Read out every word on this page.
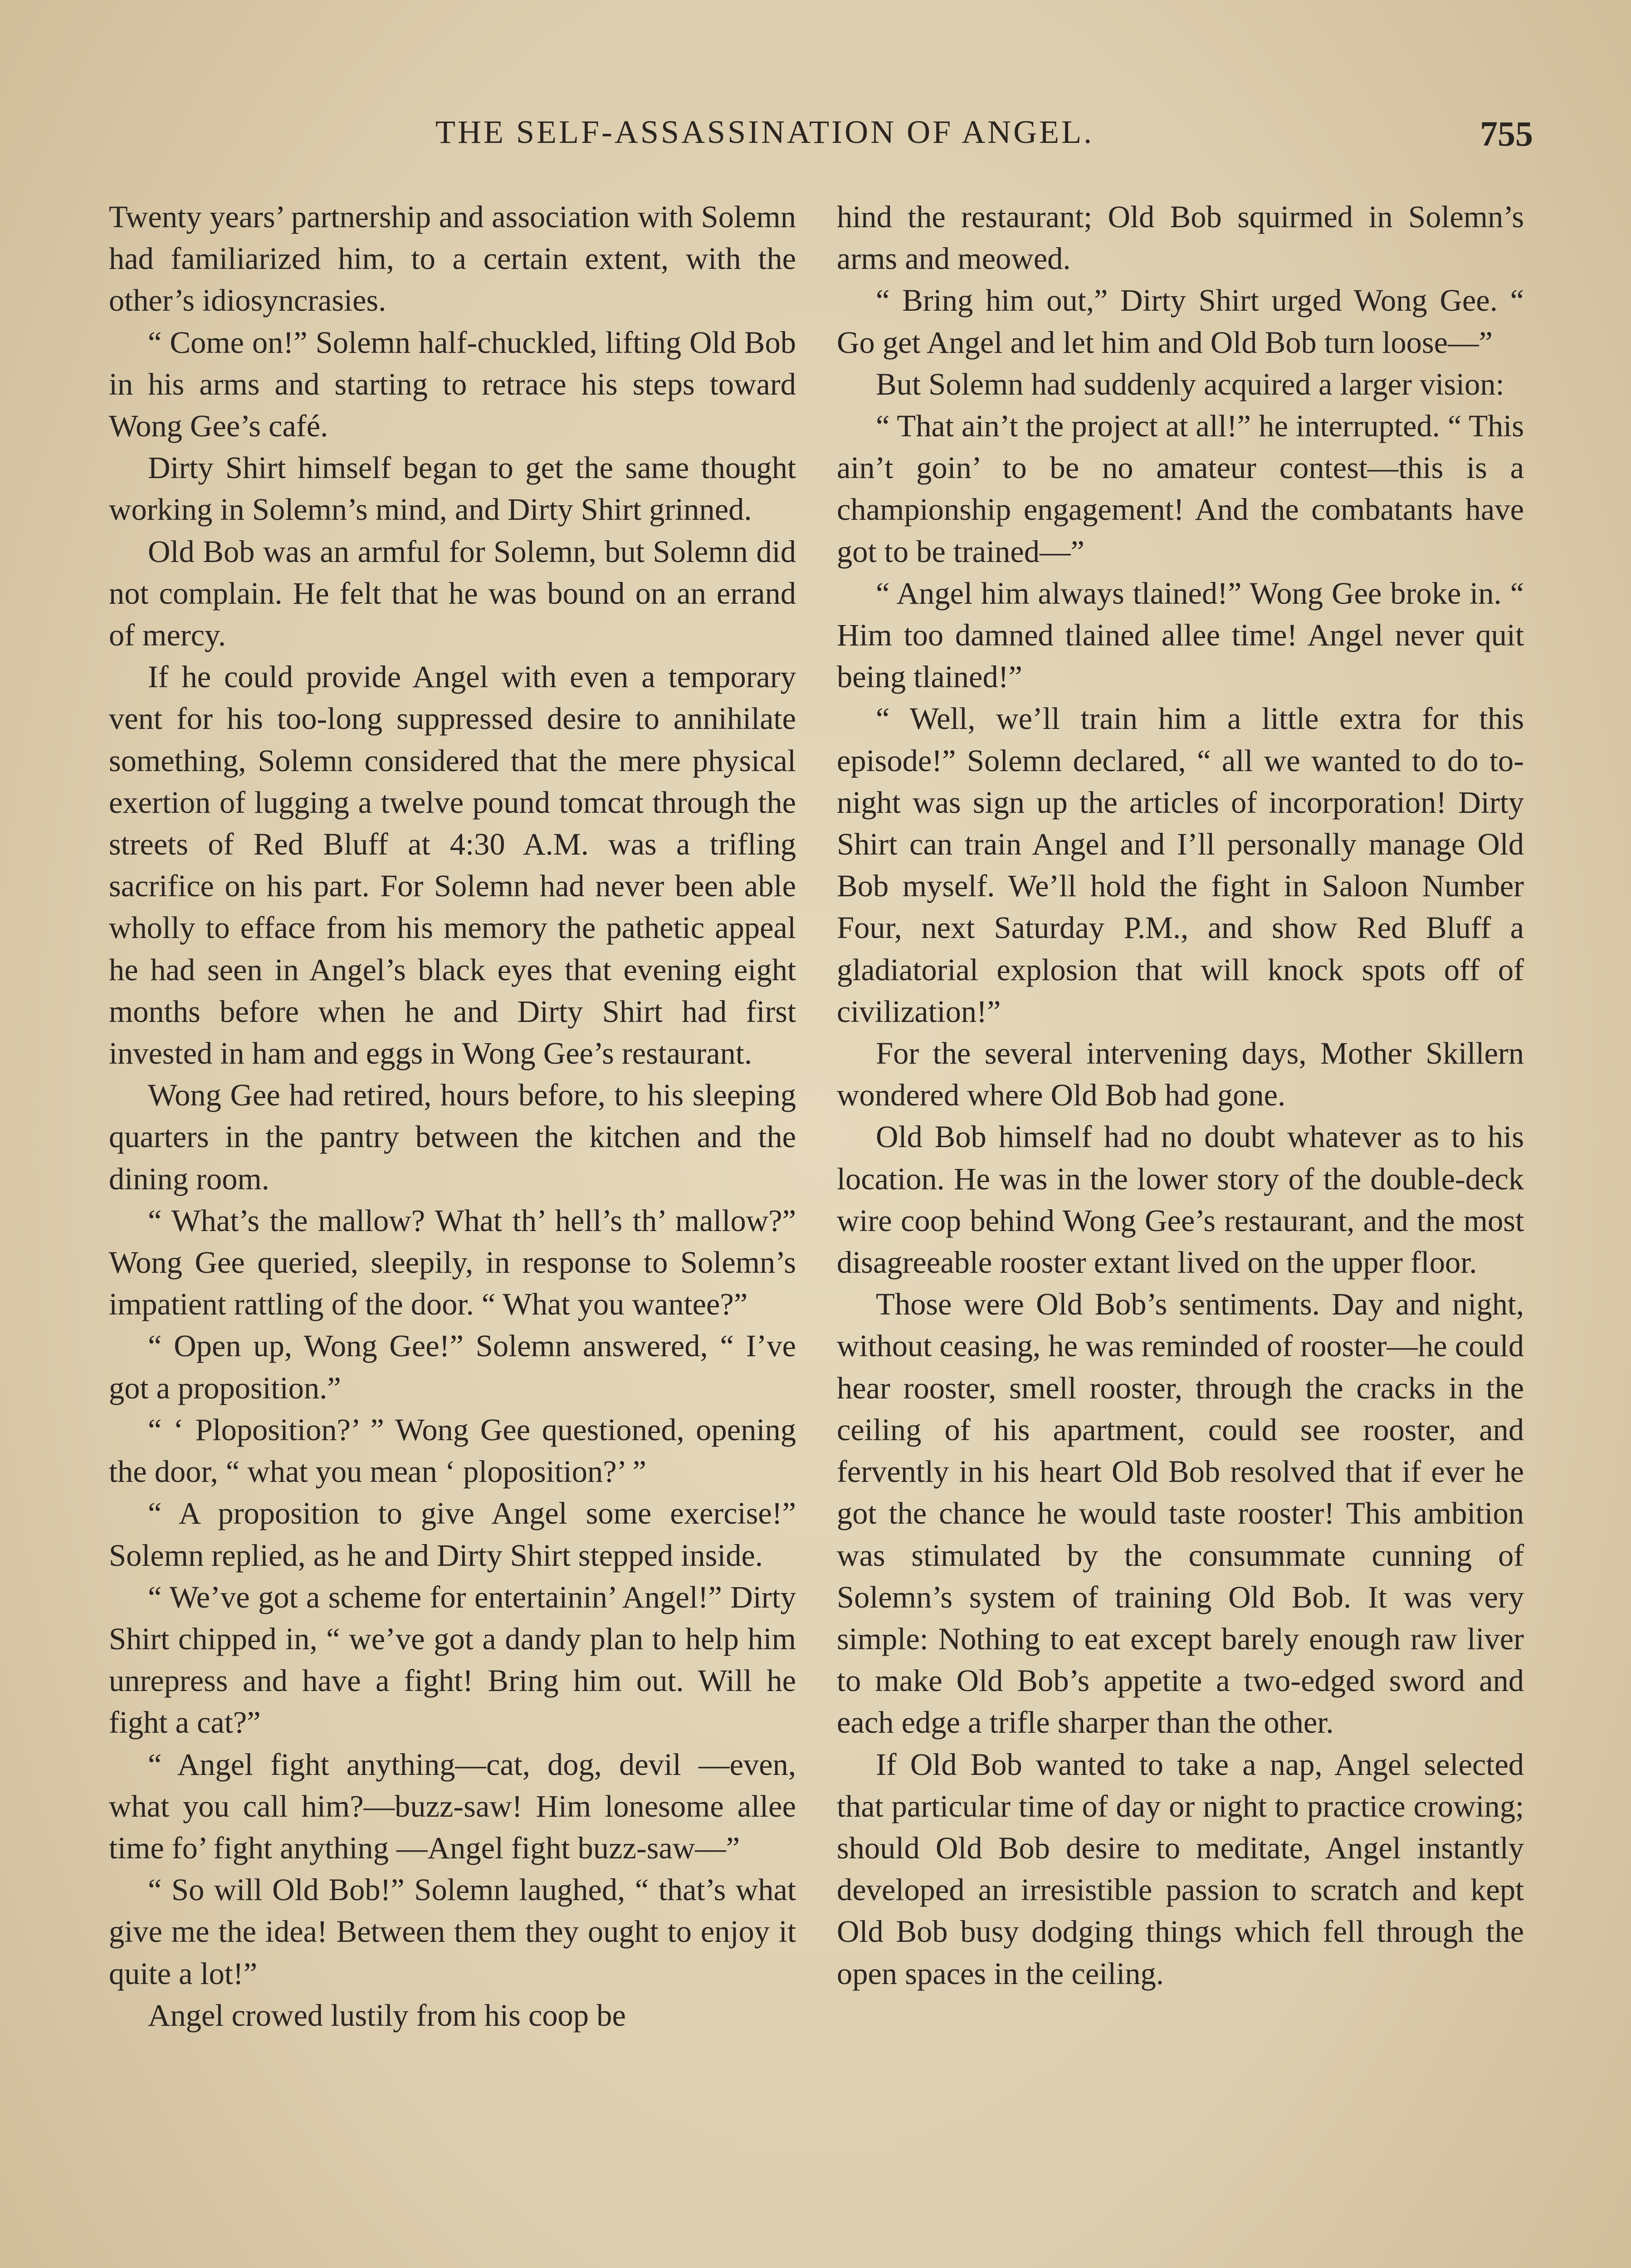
THE SELF-ASSASSINATION OF ANGEL.	755

Twenty years’ partnership and association with Solemn had familiarized him, to a certain extent, with the other’s idiosyncrasies.

“ Come on!” Solemn half-chuckled, lifting Old Bob in his arms and starting to retrace his steps toward Wong Gee’s café.

Dirty Shirt himself began to get the same thought working in Solemn’s mind, and Dirty Shirt grinned.

Old Bob was an armful for Solemn, but Solemn did not complain. He felt that he was bound on an errand of mercy.

If he could provide Angel with even a temporary vent for his too-long suppressed desire to annihilate something, Solemn considered that the mere physical exertion of lugging a twelve pound tomcat through the streets of Red Bluff at 4:30 A.M. was a trifling sacrifice on his part. For Solemn had never been able wholly to efface from his memory the pathetic appeal he had seen in Angel’s black eyes that evening eight months before when he and Dirty Shirt had first invested in ham and eggs in Wong Gee’s restaurant.

Wong Gee had retired, hours before, to his sleeping quarters in the pantry between the kitchen and the dining room.

“ What’s the mallow? What th’ hell’s th’ mallow?” Wong Gee queried, sleepily, in response to Solemn’s impatient rattling of the door. “ What you wantee?”

“ Open up, Wong Gee!” Solemn answered, “ I’ve got a proposition.”

“ ‘ Ploposition?’ ” Wong Gee questioned, opening the door, “ what you mean ‘ ploposition?’ ”

“ A proposition to give Angel some exercise!” Solemn replied, as he and Dirty Shirt stepped inside.

“ We’ve got a scheme for entertainin’ Angel!” Dirty Shirt chipped in, “ we’ve got a dandy plan to help him unrepress and have a fight! Bring him out. Will he fight a cat?”

“ Angel fight anything—cat, dog, devil —even, what you call him?—buzz-saw! Him lonesome allee time fo’ fight anything —Angel fight buzz-saw—”

“ So will Old Bob!” Solemn laughed, “ that’s what give me the idea! Between them they ought to enjoy it quite a lot!”

Angel crowed lustily from his coop be

hind the restaurant; Old Bob squirmed in Solemn’s arms and meowed.

“ Bring him out,” Dirty Shirt urged Wong Gee. “ Go get Angel and let him and Old Bob turn loose—”

But Solemn had suddenly acquired a larger vision:

“ That ain’t the project at all!” he interrupted. “ This ain’t goin’ to be no amateur contest—this is a championship engagement! And the combatants have got to be trained—”

“ Angel him always tlained!” Wong Gee broke in. “ Him too damned tlained allee time! Angel never quit being tlained!”

“ Well, we’ll train him a little extra for this episode!” Solemn declared, “ all we wanted to do to-night was sign up the articles of incorporation! Dirty Shirt can train Angel and I’ll personally manage Old Bob myself. We’ll hold the fight in Saloon Number Four, next Saturday P.M., and show Red Bluff a gladiatorial explosion that will knock spots off of civilization!”

For the several intervening days, Mother Skillern wondered where Old Bob had gone.

Old Bob himself had no doubt whatever as to his location. He was in the lower story of the double-deck wire coop behind Wong Gee’s restaurant, and the most disagreeable rooster extant lived on the upper floor.

Those were Old Bob’s sentiments. Day and night, without ceasing, he was reminded of rooster—he could hear rooster, smell rooster, through the cracks in the ceiling of his apartment, could see rooster, and fervently in his heart Old Bob resolved that if ever he got the chance he would taste rooster! This ambition was stimulated by the consummate cunning of Solemn’s system of training Old Bob. It was very simple: Nothing to eat except barely enough raw liver to make Old Bob’s appetite a two-edged sword and each edge a trifle sharper than the other.

If Old Bob wanted to take a nap, Angel selected that particular time of day or night to practice crowing; should Old Bob desire to meditate, Angel instantly developed an irresistible passion to scratch and kept Old Bob busy dodging things which fell through the open spaces in the ceiling.
